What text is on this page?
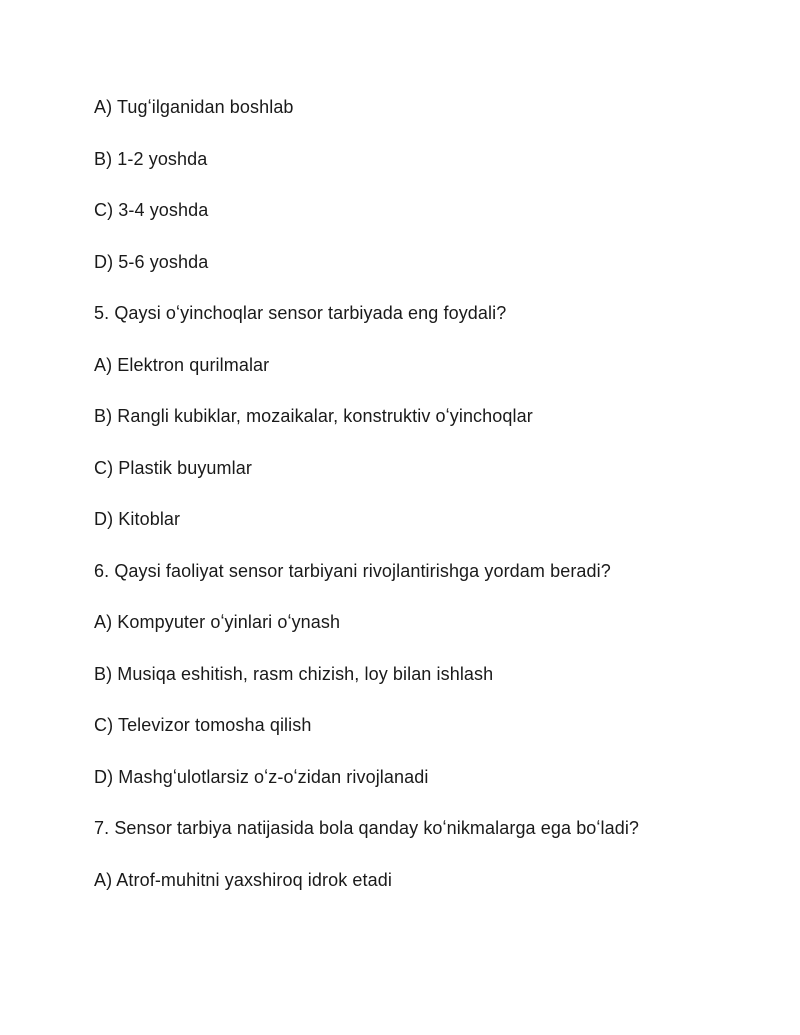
A) Tugʻilganidan boshlab
B) 1-2 yoshda
C) 3-4 yoshda
D) 5-6 yoshda
5. Qaysi oʻyinchoqlar sensor tarbiyada eng foydali?
A) Elektron qurilmalar
B) Rangli kubiklar, mozaikalar, konstruktiv oʻyinchoqlar
C) Plastik buyumlar
D) Kitoblar
6. Qaysi faoliyat sensor tarbiyani rivojlantirishga yordam beradi?
A) Kompyuter oʻyinlari oʻynash
B) Musiqa eshitish, rasm chizish, loy bilan ishlash
C) Televizor tomosha qilish
D) Mashgʻulotlarsiz oʻz-oʻzidan rivojlanadi
7. Sensor tarbiya natijasida bola qanday koʻnikmalarga ega boʻladi?
A) Atrof-muhitni yaxshiroq idrok etadi
